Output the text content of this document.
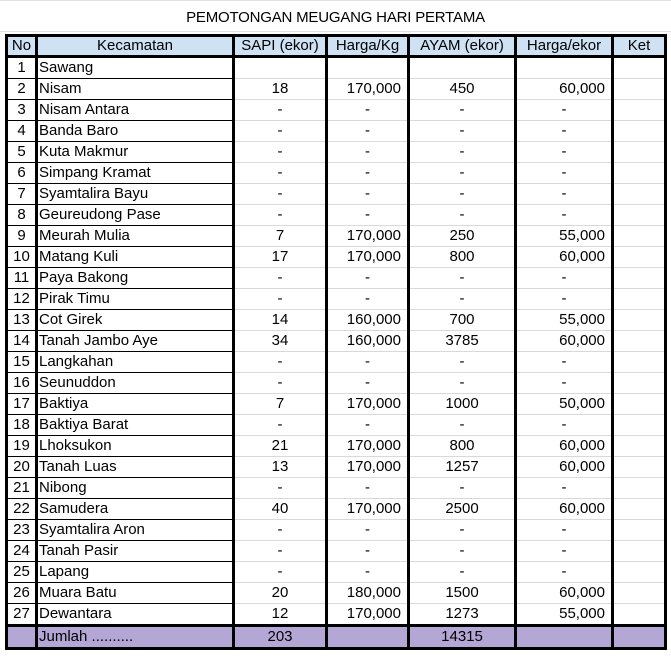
PEMOTONGAN MEUGANG HARI PERTAMA
No	Kecamatan	SAPI (ekor)	Harga/Kg	AYAM (ekor)	Harga/ekor	Ket
1	Sawang					
2	Nisam	18	170,000	450	60,000	
3	Nisam Antara	-	-	-	-	
4	Banda Baro	-	-	-	-	
5	Kuta Makmur	-	-	-	-	
6	Simpang Kramat	-	-	-	-	
7	Syamtalira Bayu	-	-	-	-	
8	Geureudong Pase	-	-	-	-	
9	Meurah Mulia	7	170,000	250	55,000	
10	Matang Kuli	17	170,000	800	60,000	
11	Paya Bakong	-	-	-	-	
12	Pirak Timu	-	-	-	-	
13	Cot Girek	14	160,000	700	55,000	
14	Tanah Jambo Aye	34	160,000	3785	60,000	
15	Langkahan	-	-	-	-	
16	Seunuddon	-	-	-	-	
17	Baktiya	7	170,000	1000	50,000	
18	Baktiya Barat	-	-	-	-	
19	Lhoksukon	21	170,000	800	60,000	
20	Tanah Luas	13	170,000	1257	60,000	
21	Nibong	-	-	-	-	
22	Samudera	40	170,000	2500	60,000	
23	Syamtalira Aron	-	-	-	-	
24	Tanah Pasir	-	-	-	-	
25	Lapang	-	-	-	-	
26	Muara Batu	20	180,000	1500	60,000	
27	Dewantara	12	170,000	1273	55,000	
	Jumlah ..........	203		14315		
